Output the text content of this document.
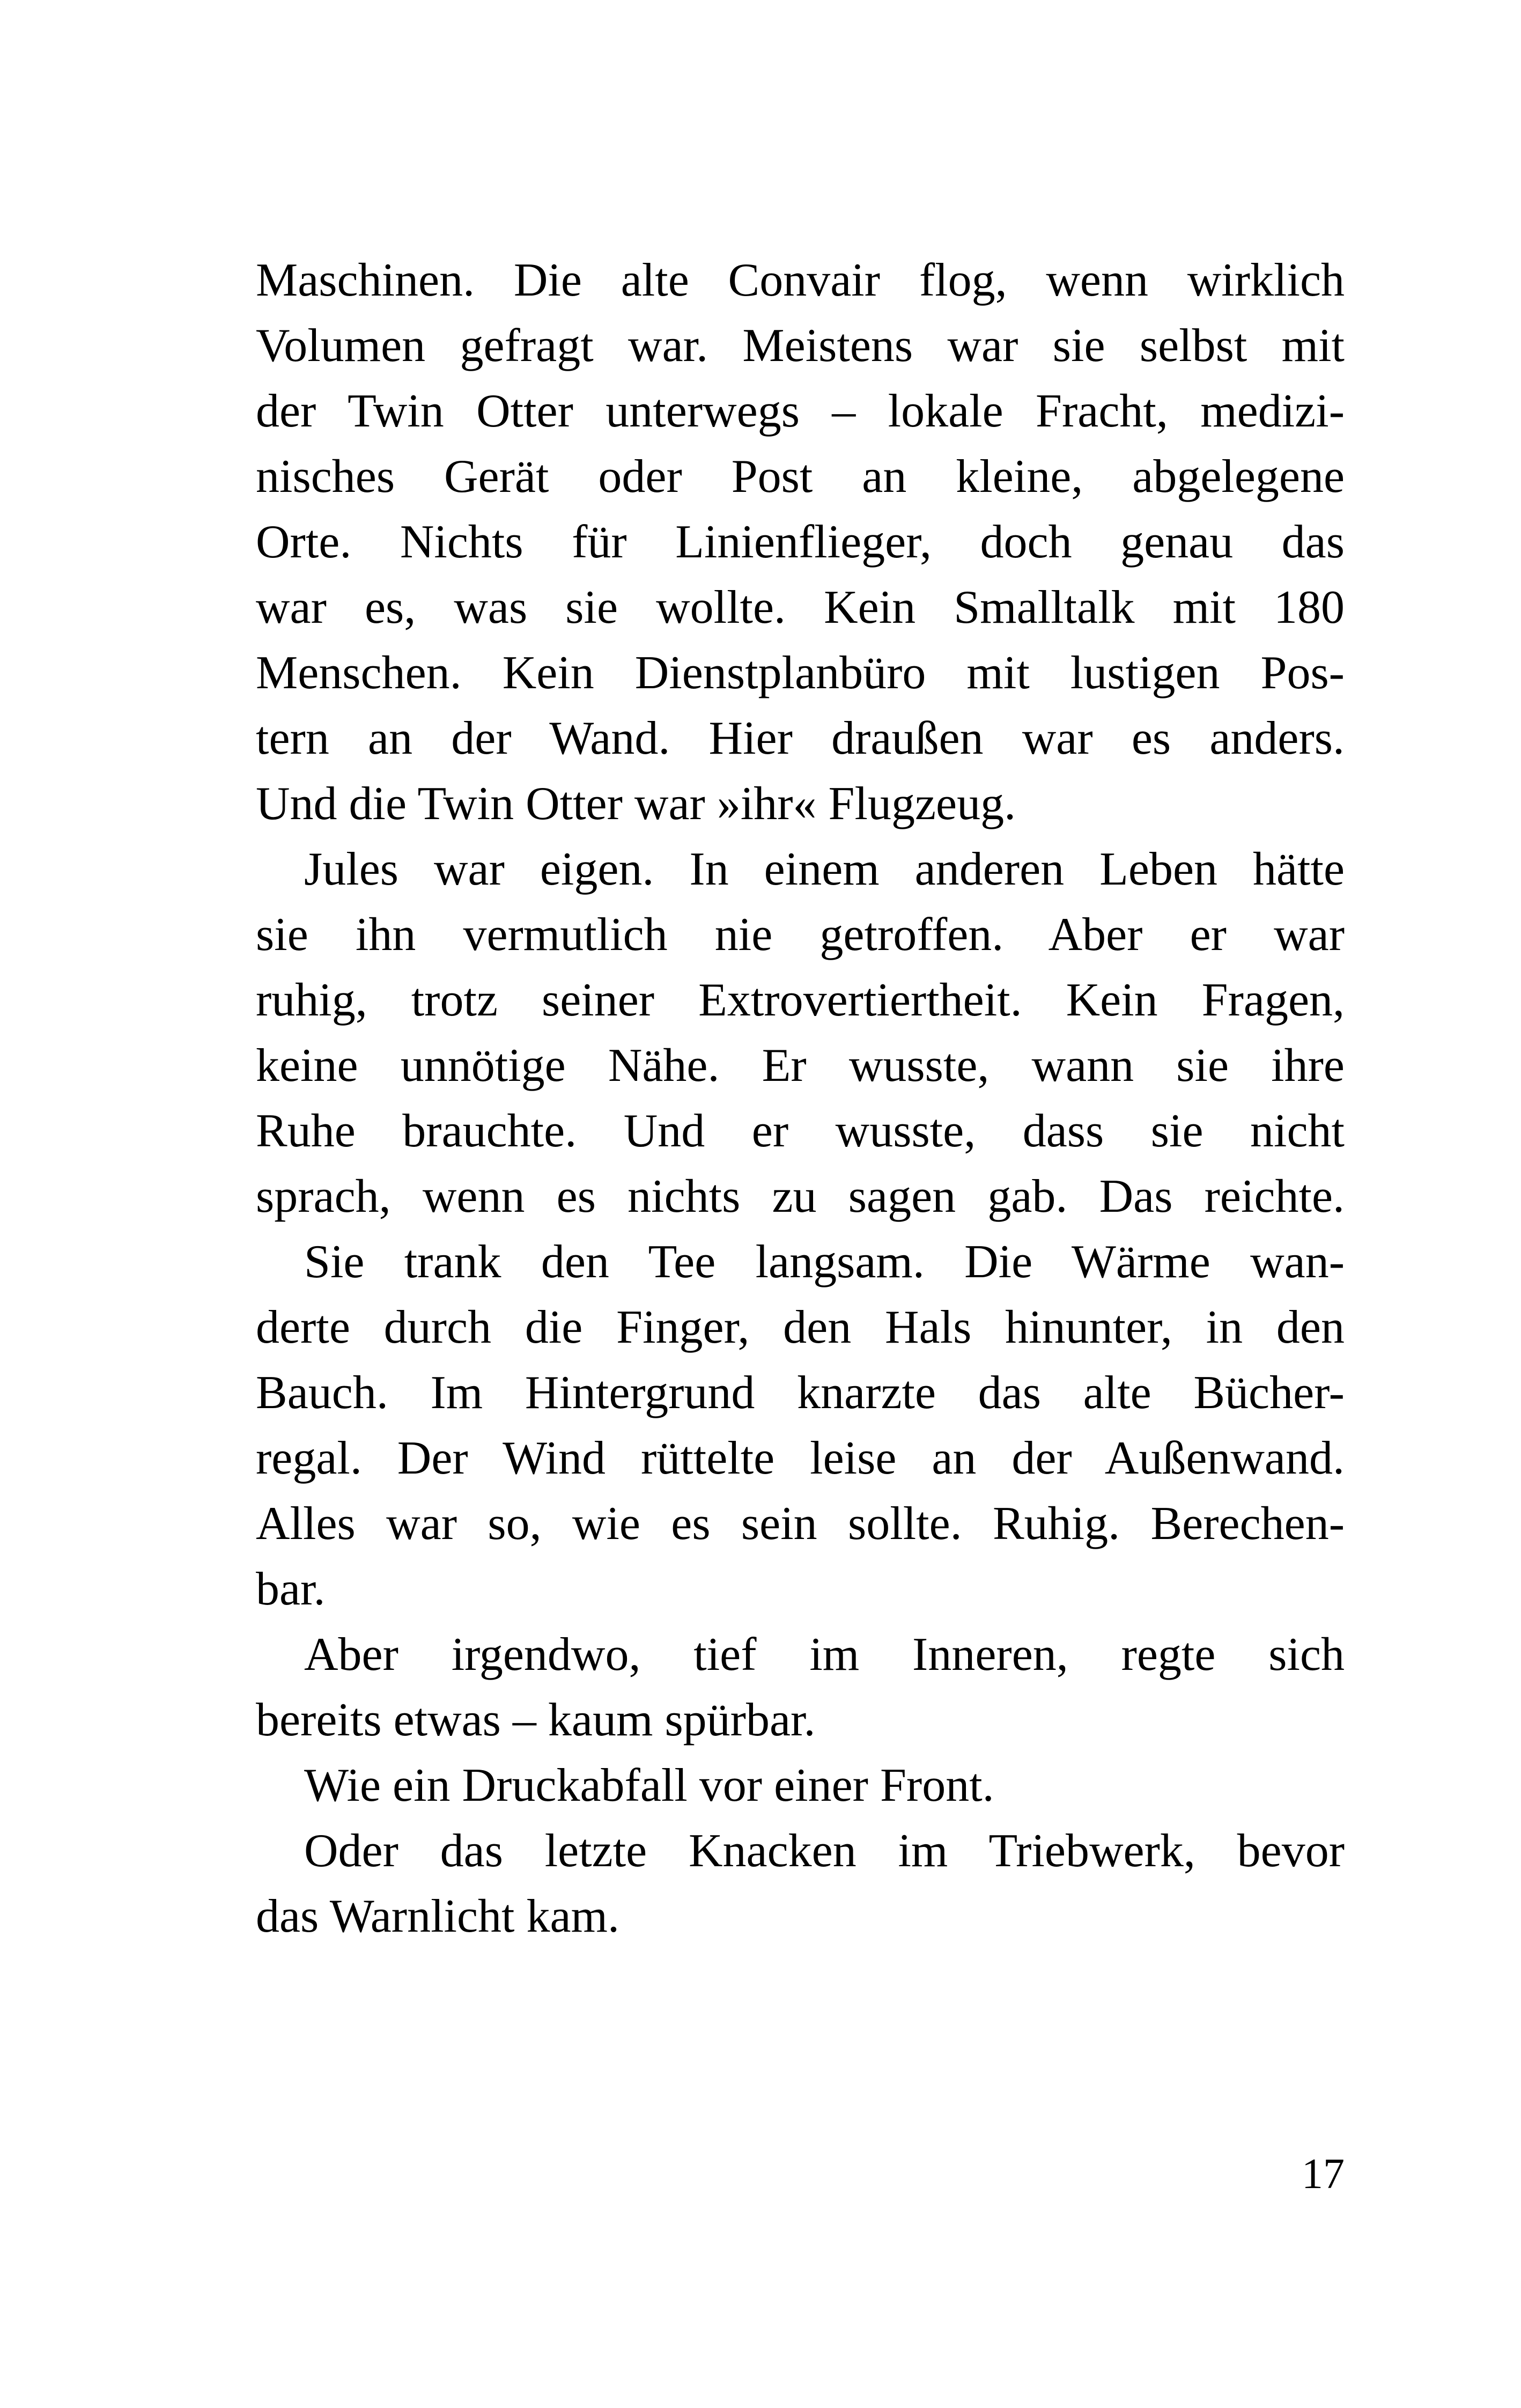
Maschinen. Die alte Convair flog, wenn wirklich
Volumen gefragt war. Meistens war sie selbst mit
der Twin Otter unterwegs – lokale Fracht, medizi-
nisches Gerät oder Post an kleine, abgelegene
Orte. Nichts für Linienflieger, doch genau das
war es, was sie wollte. Kein Smalltalk mit 180
Menschen. Kein Dienstplanbüro mit lustigen Pos-
tern an der Wand. Hier draußen war es anders.
Und die Twin Otter war »ihr« Flugzeug.
Jules war eigen. In einem anderen Leben hätte
sie ihn vermutlich nie getroffen. Aber er war
ruhig, trotz seiner Extrovertiertheit. Kein Fragen,
keine unnötige Nähe. Er wusste, wann sie ihre
Ruhe brauchte. Und er wusste, dass sie nicht
sprach, wenn es nichts zu sagen gab. Das reichte.
Sie trank den Tee langsam. Die Wärme wan-
derte durch die Finger, den Hals hinunter, in den
Bauch. Im Hintergrund knarzte das alte Bücher-
regal. Der Wind rüttelte leise an der Außenwand.
Alles war so, wie es sein sollte. Ruhig. Berechen-
bar.
Aber irgendwo, tief im Inneren, regte sich
bereits etwas – kaum spürbar.
Wie ein Druckabfall vor einer Front.
Oder das letzte Knacken im Triebwerk, bevor
das Warnlicht kam.
17
